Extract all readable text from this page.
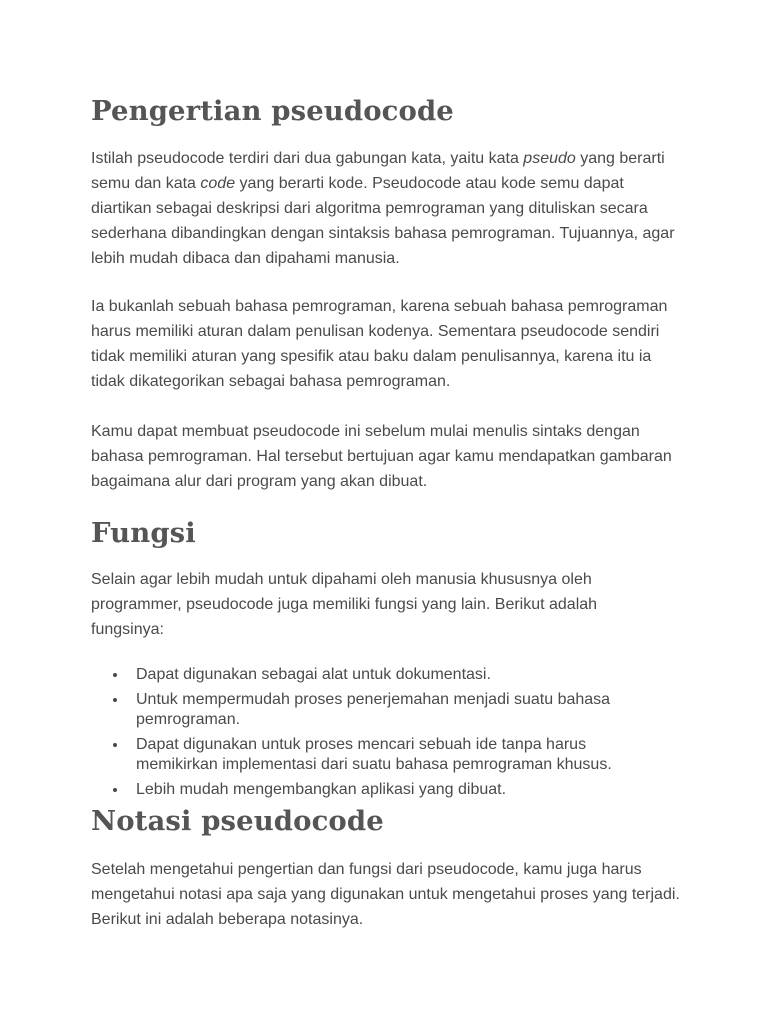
Pengertian pseudocode

Istilah pseudocode terdiri dari dua gabungan kata, yaitu kata pseudo yang berarti semu dan kata code yang berarti kode. Pseudocode atau kode semu dapat diartikan sebagai deskripsi dari algoritma pemrograman yang dituliskan secara sederhana dibandingkan dengan sintaksis bahasa pemrograman. Tujuannya, agar lebih mudah dibaca dan dipahami manusia.

Ia bukanlah sebuah bahasa pemrograman, karena sebuah bahasa pemrograman harus memiliki aturan dalam penulisan kodenya. Sementara pseudocode sendiri tidak memiliki aturan yang spesifik atau baku dalam penulisannya, karena itu ia tidak dikategorikan sebagai bahasa pemrograman.

Kamu dapat membuat pseudocode ini sebelum mulai menulis sintaks dengan bahasa pemrograman. Hal tersebut bertujuan agar kamu mendapatkan gambaran bagaimana alur dari program yang akan dibuat.

Fungsi

Selain agar lebih mudah untuk dipahami oleh manusia khususnya oleh programmer, pseudocode juga memiliki fungsi yang lain. Berikut adalah fungsinya:

Dapat digunakan sebagai alat untuk dokumentasi.
Untuk mempermudah proses penerjemahan menjadi suatu bahasa pemrograman.
Dapat digunakan untuk proses mencari sebuah ide tanpa harus memikirkan implementasi dari suatu bahasa pemrograman khusus.
Lebih mudah mengembangkan aplikasi yang dibuat.
Notasi pseudocode

Setelah mengetahui pengertian dan fungsi dari pseudocode, kamu juga harus mengetahui notasi apa saja yang digunakan untuk mengetahui proses yang terjadi. Berikut ini adalah beberapa notasinya.
